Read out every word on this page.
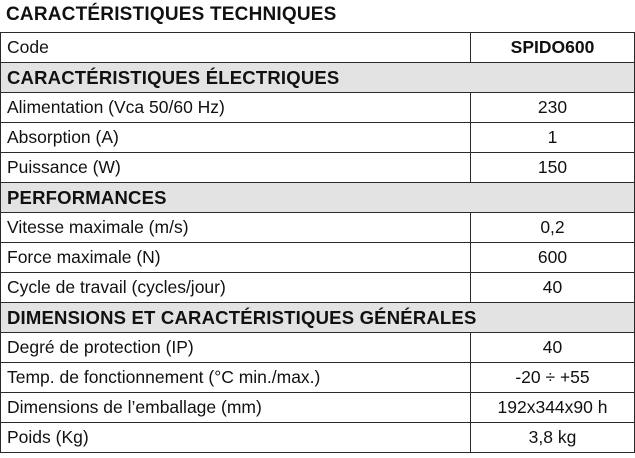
CARACTÉRISTIQUES TECHNIQUES
Code	SPIDO600
CARACTÉRISTIQUES ÉLECTRIQUES	
Alimentation (Vca 50/60 Hz)	230
Absorption (A)	1
Puissance (W)	150
PERFORMANCES	
Vitesse maximale (m/s)	0,2
Force maximale (N)	600
Cycle de travail (cycles/jour)	40
DIMENSIONS ET CARACTÉRISTIQUES GÉNÉRALES	
Degré de protection (IP)	40
Temp. de fonctionnement (°C min./max.)	-20 ÷ +55
Dimensions de l’emballage (mm)	192x344x90 h
Poids (Kg)	3,8 kg
